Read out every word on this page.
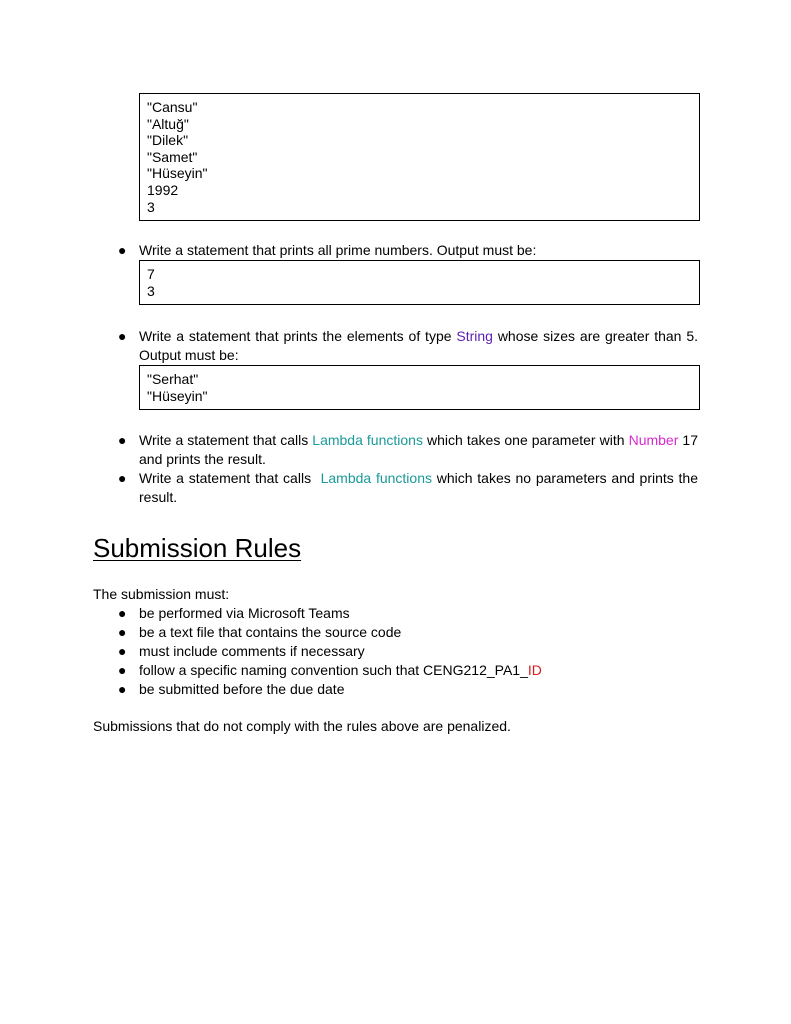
"Cansu"
"Altuğ"
"Dilek"
"Samet"
"Hüseyin"
1992
3
● Write a statement that prints all prime numbers. Output must be:
7
3
● Write a statement that prints the elements of type String whose sizes are greater than 5. Output must be:
"Serhat"
"Hüseyin"
● Write a statement that calls Lambda functions which takes one parameter with Number 17 and prints the result.
● Write a statement that calls  Lambda functions which takes no parameters and prints the result.
Submission Rules
The submission must:
● be performed via Microsoft Teams
● be a text file that contains the source code
● must include comments if necessary
● follow a specific naming convention such that CENG212_PA1_ID
● be submitted before the due date
Submissions that do not comply with the rules above are penalized.
